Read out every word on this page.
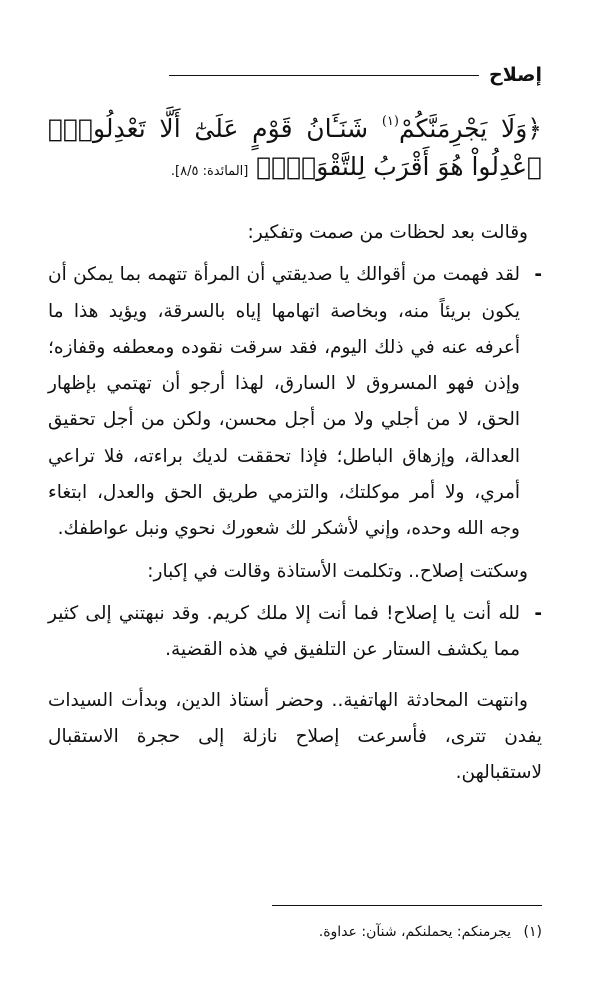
إصلاح
﴿وَلَا يَجْرِمَنَّكُمْ$^{(١)}$ شَنَـَٔانُ قَوْمٍ عَلَىٰٓ أَلَّا تَعْدِلُواْۚ ٱعْدِلُواْ هُوَ أَقْرَبُ لِلتَّقْوَىٰۖ﴾ [المائدة: ٨/٥].

وقالت بعد لحظات من صمت وتفكير:

-
لقد فهمت من أقوالك يا صديقتي أن المرأة تتهمه بما يمكن أن يكون بريئاً منه، وبخاصة اتهامها إياه بالسرقة، ويؤيد هذا ما أعرفه عنه في ذلك اليوم، فقد سرقت نقوده ومعطفه وقفازه؛ وإذن فهو المسروق لا السارق، لهذا أرجو أن تهتمي بإظهار الحق، لا من أجلي ولا من أجل محسن، ولكن من أجل تحقيق العدالة، وإزهاق الباطل؛ فإذا تحققت لديك براءته، فلا تراعي أمري، ولا أمر موكلتك، والتزمي طريق الحق والعدل، ابتغاء وجه الله وحده، وإني لأشكر لك شعورك نحوي ونبل عواطفك.

وسكتت إصلاح.. وتكلمت الأستاذة وقالت في إكبار:

-
لله أنت يا إصلاح! فما أنت إلا ملك كريم. وقد نبهتني إلى كثير مما يكشف الستار عن التلفيق في هذه القضية.

وانتهت المحادثة الهاتفية.. وحضر أستاذ الدين، وبدأت السيدات يفدن تترى، فأسرعت إصلاح نازلة إلى حجرة الاستقبال لاستقبالهن.

(١) يجرمنكم: يحملنكم، شنآن: عداوة.
